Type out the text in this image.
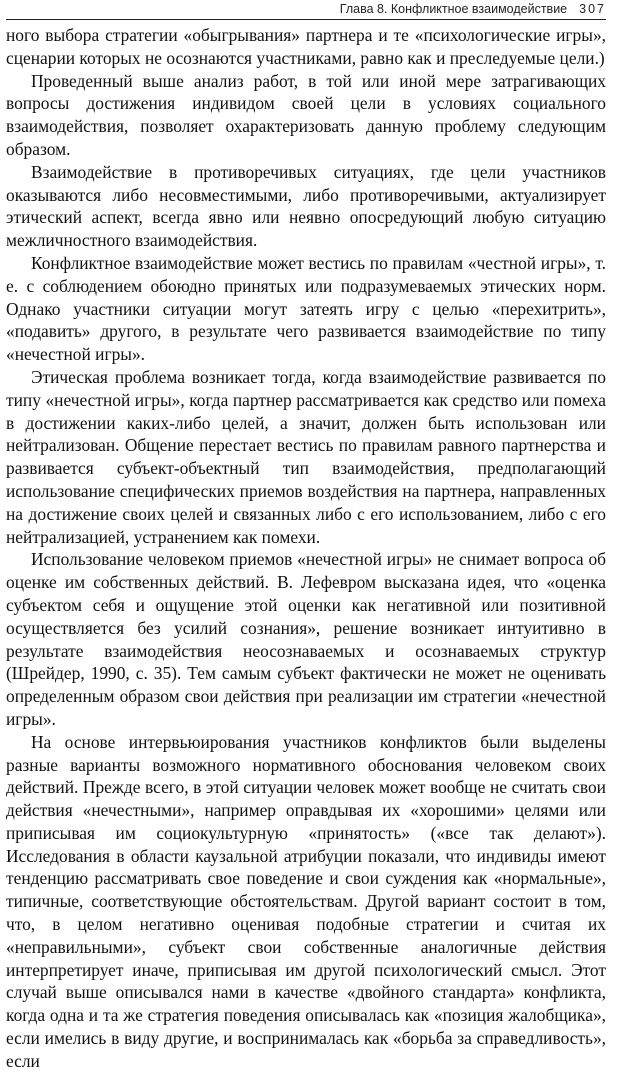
Глава 8. Конфликтное взаимодействие 307

ного выбора стратегии «обыгрывания» партнера и те «психологические игры», сценарии которых не осознаются участниками, равно как и преследуемые цели.)

Проведенный выше анализ работ, в той или иной мере затрагивающих вопросы достижения индивидом своей цели в условиях социального взаимодействия, позволяет охарактеризовать данную проблему следующим образом.

Взаимодействие в противоречивых ситуациях, где цели участников оказываются либо несовместимыми, либо противоречивыми, актуализирует этический аспект, всегда явно или неявно опосредующий любую ситуацию межличностного взаимодействия.

Конфликтное взаимодействие может вестись по правилам «честной игры», т. е. с соблюдением обоюдно принятых или подразумеваемых этических норм. Однако участники ситуации могут затеять игру с целью «перехитрить», «подавить» другого, в результате чего развивается взаимодействие по типу «нечестной игры».

Этическая проблема возникает тогда, когда взаимодействие развивается по типу «нечестной игры», когда партнер рассматривается как средство или помеха в достижении каких-либо целей, а значит, должен быть использован или нейтрализован. Общение перестает вестись по правилам равного партнерства и развивается субъект-объектный тип взаимодействия, предполагающий использование специфических приемов воздействия на партнера, направленных на достижение своих целей и связанных либо с его использованием, либо с его нейтрализацией, устранением как помехи.

Использование человеком приемов «нечестной игры» не снимает вопроса об оценке им собственных действий. В. Лефевром высказана идея, что «оценка субъектом себя и ощущение этой оценки как негативной или позитивной осуществляется без усилий сознания», решение возникает интуитивно в результате взаимодействия неосознаваемых и осознаваемых структур (Шрейдер, 1990, с. 35). Тем самым субъект фактически не может не оценивать определенным образом свои действия при реализации им стратегии «нечестной игры».

На основе интервьюирования участников конфликтов были выделены разные варианты возможного нормативного обоснования человеком своих действий. Прежде всего, в этой ситуации человек может вообще не считать свои действия «нечестными», например оправдывая их «хорошими» целями или приписывая им социокультурную «принятость» («все так делают»). Исследования в области каузальной атрибуции показали, что индивиды имеют тенденцию рассматривать свое поведение и свои суждения как «нормальные», типичные, соответствующие обстоятельствам. Другой вариант состоит в том, что, в целом негативно оценивая подобные стратегии и считая их «неправильными», субъект свои собственные аналогичные действия интерпретирует иначе, приписывая им другой психологический смысл. Этот случай выше описывался нами в качестве «двойного стандарта» конфликта, когда одна и та же стратегия поведения описывалась как «позиция жалобщика», если имелись в виду другие, и воспринималась как «борьба за справедливость», если
